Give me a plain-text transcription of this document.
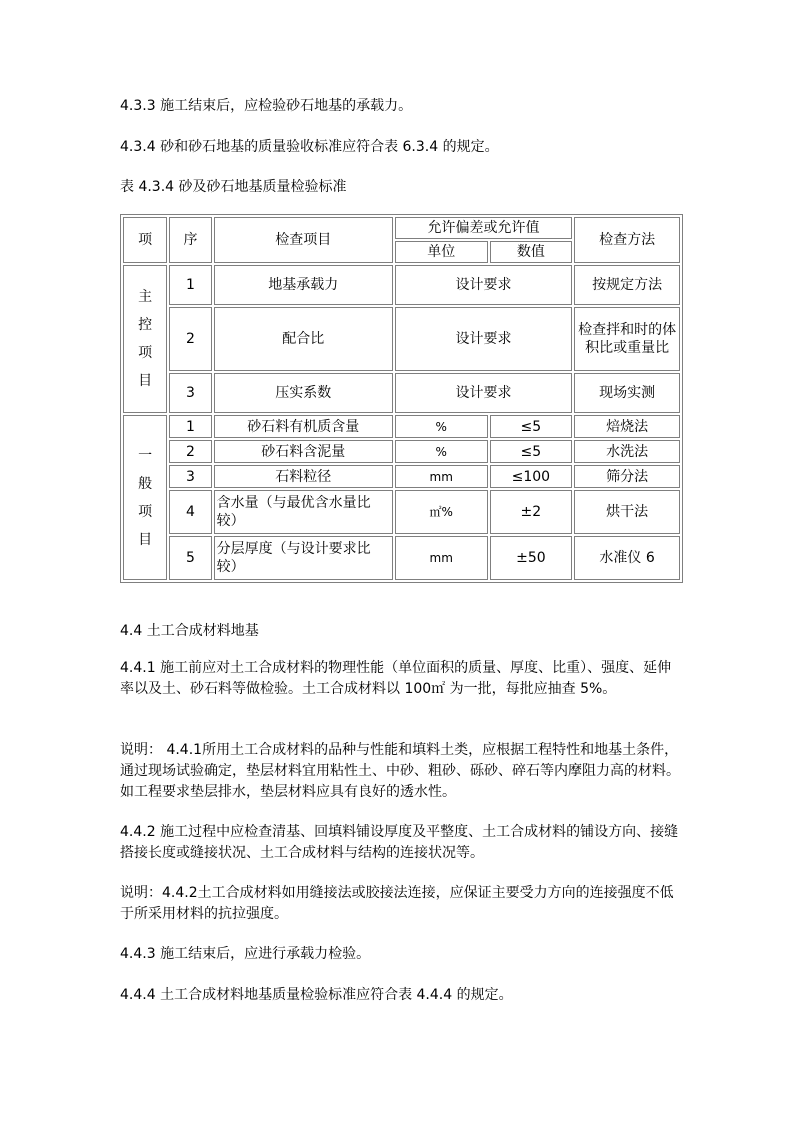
4.3.3 施工结束后，应检验砂石地基的承载力。

4.3.4 砂和砂石地基的质量验收标准应符合表 6.3.4 的规定。

表 4.3.4 砂及砂石地基质量检验标准

项	序	检查项目	允许偏差或允许值		检查方法
			单位	数值	

主
控
项
目	1	地基承载力	设计要求		按规定方法
	2	配合比	设计要求		检查拌和时的体积比或重量比
	3	压实系数	设计要求		现场实测

一
般
项
目	1	砂石料有机质含量	%	≤5	焙烧法
	2	砂石料含泥量	%	≤5	水洗法
	3	石料粒径	mm	≤100	筛分法
	4	含水量（与最优含水量比较）	㎡%	±2	烘干法
	5	分层厚度（与设计要求比较）	mm	±50	水准仪 6

4.4 土工合成材料地基

4.4.1 施工前应对土工合成材料的物理性能（单位面积的质量、厚度、比重）、强度、延伸率以及土、砂石料等做检验。土工合成材料以 100㎡ 为一批，每批应抽查 5%。

说明： 4.4.1所用土工合成材料的品种与性能和填料土类，应根据工程特性和地基土条件，通过现场试验确定，垫层材料宜用粘性土、中砂、粗砂、砾砂、碎石等内摩阻力高的材料。如工程要求垫层排水，垫层材料应具有良好的透水性。

4.4.2 施工过程中应检查清基、回填料铺设厚度及平整度、土工合成材料的铺设方向、接缝搭接长度或缝接状况、土工合成材料与结构的连接状况等。

说明：4.4.2土工合成材料如用缝接法或胶接法连接，应保证主要受力方向的连接强度不低于所采用材料的抗拉强度。

4.4.3 施工结束后，应进行承载力检验。

4.4.4 土工合成材料地基质量检验标准应符合表 4.4.4 的规定。
